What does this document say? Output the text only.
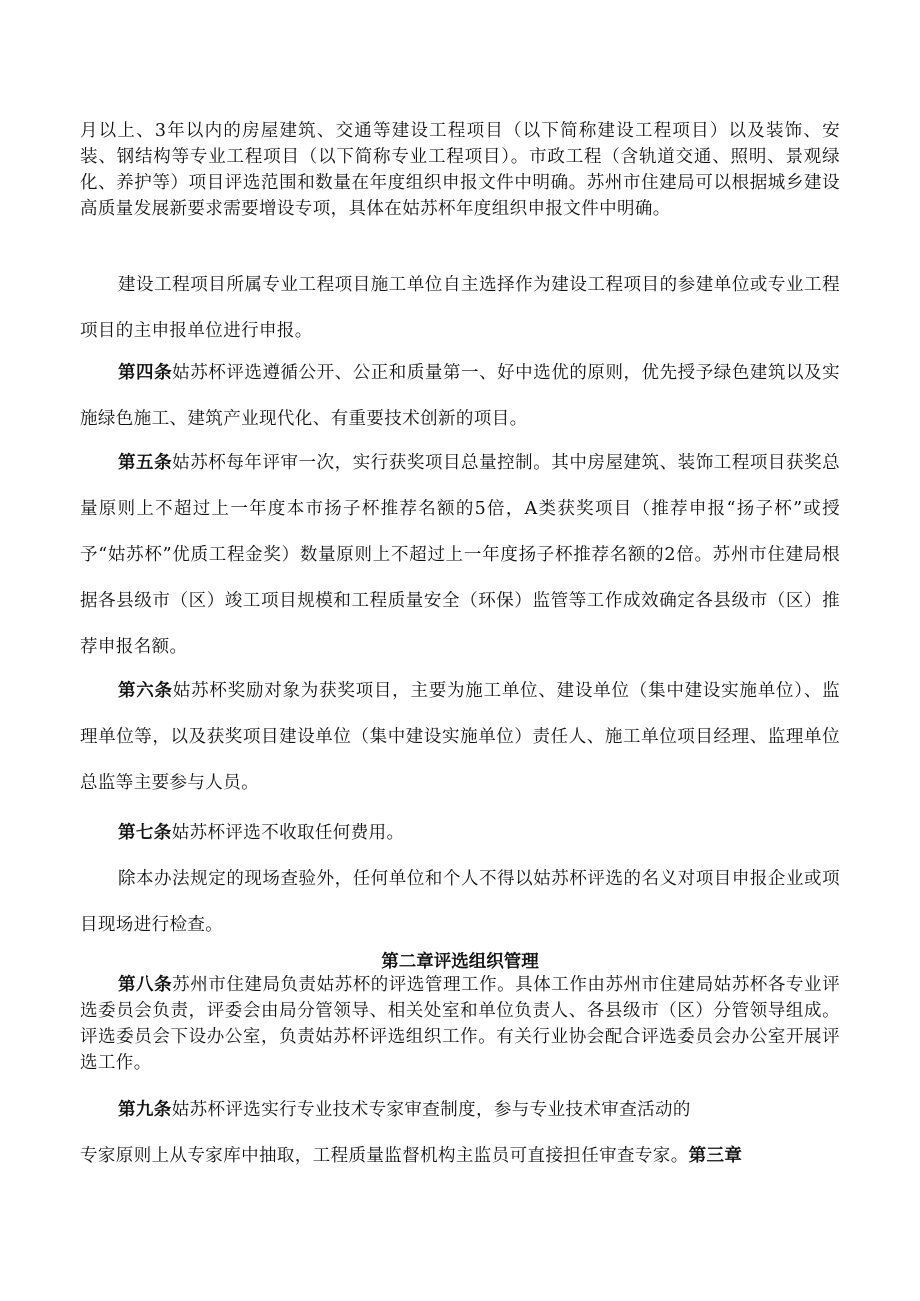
月以上、3年以内的房屋建筑、交通等建设工程项目（以下简称建设工程项目）以及装饰、安装、钢结构等专业工程项目（以下简称专业工程项目）。市政工程（含轨道交通、照明、景观绿化、养护等）项目评选范围和数量在年度组织申报文件中明确。苏州市住建局可以根据城乡建设高质量发展新要求需要增设专项，具体在姑苏杯年度组织申报文件中明确。

建设工程项目所属专业工程项目施工单位自主选择作为建设工程项目的参建单位或专业工程项目的主申报单位进行申报。

第四条姑苏杯评选遵循公开、公正和质量第一、好中选优的原则，优先授予绿色建筑以及实施绿色施工、建筑产业现代化、有重要技术创新的项目。

第五条姑苏杯每年评审一次，实行获奖项目总量控制。其中房屋建筑、装饰工程项目获奖总量原则上不超过上一年度本市扬子杯推荐名额的5倍，A类获奖项目（推荐申报“扬子杯”或授予“姑苏杯”优质工程金奖）数量原则上不超过上一年度扬子杯推荐名额的2倍。苏州市住建局根据各县级市（区）竣工项目规模和工程质量安全（环保）监管等工作成效确定各县级市（区）推荐申报名额。

第六条姑苏杯奖励对象为获奖项目，主要为施工单位、建设单位（集中建设实施单位）、监理单位等，以及获奖项目建设单位（集中建设实施单位）责任人、施工单位项目经理、监理单位总监等主要参与人员。

第七条姑苏杯评选不收取任何费用。

除本办法规定的现场查验外，任何单位和个人不得以姑苏杯评选的名义对项目申报企业或项目现场进行检查。

第二章评选组织管理

第八条苏州市住建局负责姑苏杯的评选管理工作。具体工作由苏州市住建局姑苏杯各专业评选委员会负责，评委会由局分管领导、相关处室和单位负责人、各县级市（区）分管领导组成。评选委员会下设办公室，负责姑苏杯评选组织工作。有关行业协会配合评选委员会办公室开展评选工作。

第九条姑苏杯评选实行专业技术专家审查制度，参与专业技术审查活动的

专家原则上从专家库中抽取，工程质量监督机构主监员可直接担任审查专家。第三章
